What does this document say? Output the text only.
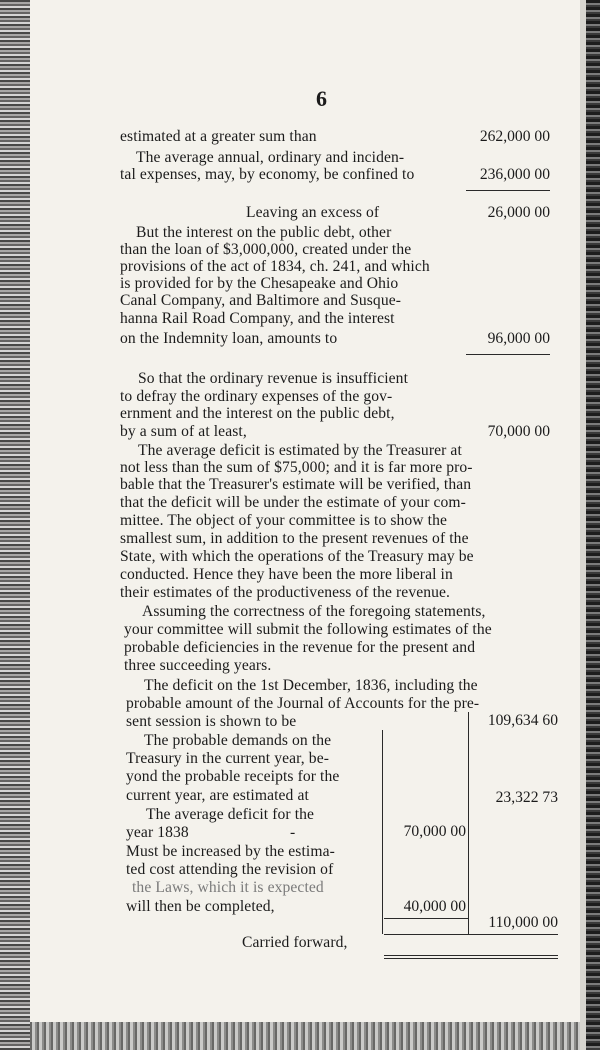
6
estimated at a greater sum than	262,000 00
The average annual, ordinary and inciden-
tal expenses, may, by economy, be confined to	236,000 00
Leaving an excess of	26,000 00
But the interest on the public debt, other
than the loan of $3,000,000, created under the
provisions of the act of 1834, ch. 241, and which
is provided for by the Chesapeake and Ohio
Canal Company, and Baltimore and Susque-
hanna Rail Road Company, and the interest
on the Indemnity loan, amounts to	96,000 00
So that the ordinary revenue is insufficient
to defray the ordinary expenses of the gov-
ernment and the interest on the public debt,
by a sum of at least,	70,000 00
The average deficit is estimated by the Treasurer at
not less than the sum of $75,000; and it is far more pro-
bable that the Treasurer's estimate will be verified, than
that the deficit will be under the estimate of your com-
mittee. The object of your committee is to show the
smallest sum, in addition to the present revenues of the
State, with which the operations of the Treasury may be
conducted. Hence they have been the more liberal in
their estimates of the productiveness of the revenue.
Assuming the correctness of the foregoing statements,
your committee will submit the following estimates of the
probable deficiencies in the revenue for the present and
three succeeding years.
The deficit on the 1st December, 1836, including the
probable amount of the Journal of Accounts for the pre-
sent session is shown to be	109,634 60
The probable demands on the
Treasury in the current year, be-
yond the probable receipts for the
current year, are estimated at	23,322 73
The average deficit for the
year 1838	-	70,000 00
Must be increased by the estima-
ted cost attending the revision of
the Laws, which it is expected
will then be completed,	40,000 00
110,000 00
Carried forward,
